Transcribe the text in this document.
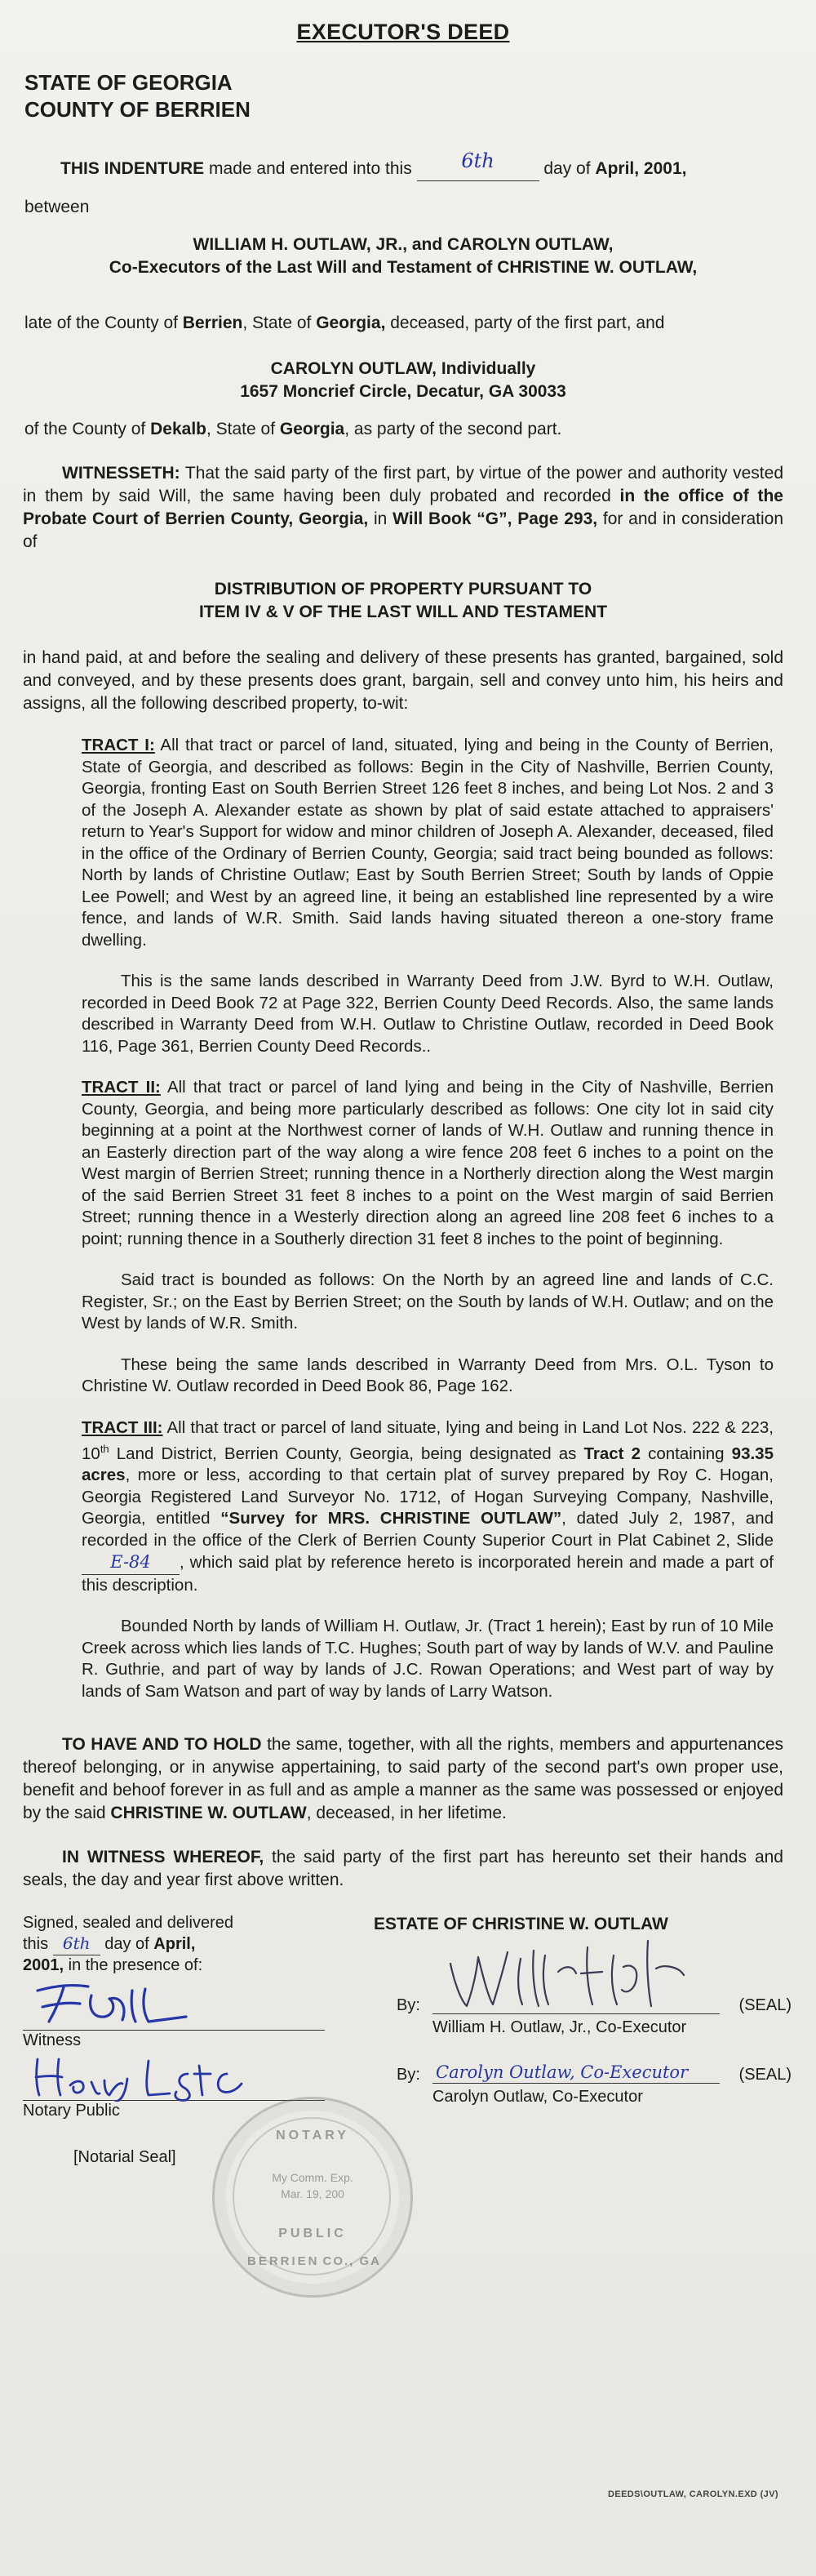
EXECUTOR'S DEED
STATE OF GEORGIA
COUNTY OF BERRIEN

THIS INDENTURE made and entered into this 6th	day of April, 2001,

between

WILLIAM H. OUTLAW, JR., and CAROLYN OUTLAW,

Co-Executors of the Last Will and Testament of CHRISTINE W. OUTLAW,

late of the County of Berrien, State of Georgia, deceased, party of the first part, and

CAROLYN OUTLAW, Individually

1657 Moncrief Circle, Decatur, GA 30033

of the County of Dekalb, State of Georgia, as party of the second part.

WITNESSETH: That the said party of the first part, by virtue of the power and authority vested in them by said Will, the same having been duly probated and recorded in the office of the Probate Court of Berrien County, Georgia, in Will Book “G”, Page 293, for and in consideration of

DISTRIBUTION OF PROPERTY PURSUANT TO

ITEM IV & V OF THE LAST WILL AND TESTAMENT

in hand paid, at and before the sealing and delivery of these presents has granted, bargained, sold and conveyed, and by these presents does grant, bargain, sell and convey unto him, his heirs and assigns, all the following described property, to-wit:

TRACT I: All that tract or parcel of land, situated, lying and being in the County of Berrien, State of Georgia, and described as follows: Begin in the City of Nashville, Berrien County, Georgia, fronting East on South Berrien Street 126 feet 8 inches, and being Lot Nos. 2 and 3 of the Joseph A. Alexander estate as shown by plat of said estate attached to appraisers' return to Year's Support for widow and minor children of Joseph A. Alexander, deceased, filed in the office of the Ordinary of Berrien County, Georgia; said tract being bounded as follows: North by lands of Christine Outlaw; East by South Berrien Street; South by lands of Oppie Lee Powell; and West by an agreed line, it being an established line represented by a wire fence, and lands of W.R. Smith. Said lands having situated thereon a one-story frame dwelling.

This is the same lands described in Warranty Deed from J.W. Byrd to W.H. Outlaw, recorded in Deed Book 72 at Page 322, Berrien County Deed Records. Also, the same lands described in Warranty Deed from W.H. Outlaw to Christine Outlaw, recorded in Deed Book 116, Page 361, Berrien County Deed Records..

TRACT II: All that tract or parcel of land lying and being in the City of Nashville, Berrien County, Georgia, and being more particularly described as follows: One city lot in said city beginning at a point at the Northwest corner of lands of W.H. Outlaw and running thence in an Easterly direction part of the way along a wire fence 208 feet 6 inches to a point on the West margin of Berrien Street; running thence in a Northerly direction along the West margin of the said Berrien Street 31 feet 8 inches to a point on the West margin of said Berrien Street; running thence in a Westerly direction along an agreed line 208 feet 6 inches to a point; running thence in a Southerly direction 31 feet 8 inches to the point of beginning.

Said tract is bounded as follows: On the North by an agreed line and lands of C.C. Register, Sr.; on the East by Berrien Street; on the South by lands of W.H. Outlaw; and on the West by lands of W.R. Smith.

These being the same lands described in Warranty Deed from Mrs. O.L. Tyson to Christine W. Outlaw recorded in Deed Book 86, Page 162.

TRACT III: All that tract or parcel of land situate, lying and being in Land Lot Nos. 222 & 223, 10th Land District, Berrien County, Georgia, being designated as Tract 2 containing 93.35 acres, more or less, according to that certain plat of survey prepared by Roy C. Hogan, Georgia Registered Land Surveyor No. 1712, of Hogan Surveying Company, Nashville, Georgia, entitled “Survey for MRS. CHRISTINE OUTLAW”, dated July 2, 1987, and recorded in the office of the Clerk of Berrien County Superior Court in Plat Cabinet 2, Slide E-84 , which said plat by reference hereto is incorporated herein and made a part of this description.

Bounded North by lands of William H. Outlaw, Jr. (Tract 1 herein); East by run of 10 Mile Creek across which lies lands of T.C. Hughes; South part of way by lands of W.V. and Pauline R. Guthrie, and part of way by lands of J.C. Rowan Operations; and West part of way by lands of Sam Watson and part of way by lands of Larry Watson.

TO HAVE AND TO HOLD the same, together, with all the rights, members and appurtenances thereof belonging, or in anywise appertaining, to said party of the second part's own proper use, benefit and behoof forever in as full and as ample a manner as the same was possessed or enjoyed by the said CHRISTINE W. OUTLAW, deceased, in her lifetime.

IN WITNESS WHEREOF, the said party of the first part has hereunto set their hands and seals, the day and year first above written.

Signed, sealed and delivered

this 6th day of April,

2001, in the presence of:

Witness

Notary Public

[Notarial Seal]

ESTATE OF CHRISTINE W. OUTLAW

By:	(SEAL)

William H. Outlaw, Jr., Co-Executor

By: Carolyn Outlaw, Co-Executor	(SEAL)

Carolyn Outlaw, Co-Executor

NOTARY
My Comm. Exp.
Mar. 19, 200
PUBLIC
BERRIEN CO., GA
DEEDS\OUTLAW, CAROLYN.EXD (JV)
